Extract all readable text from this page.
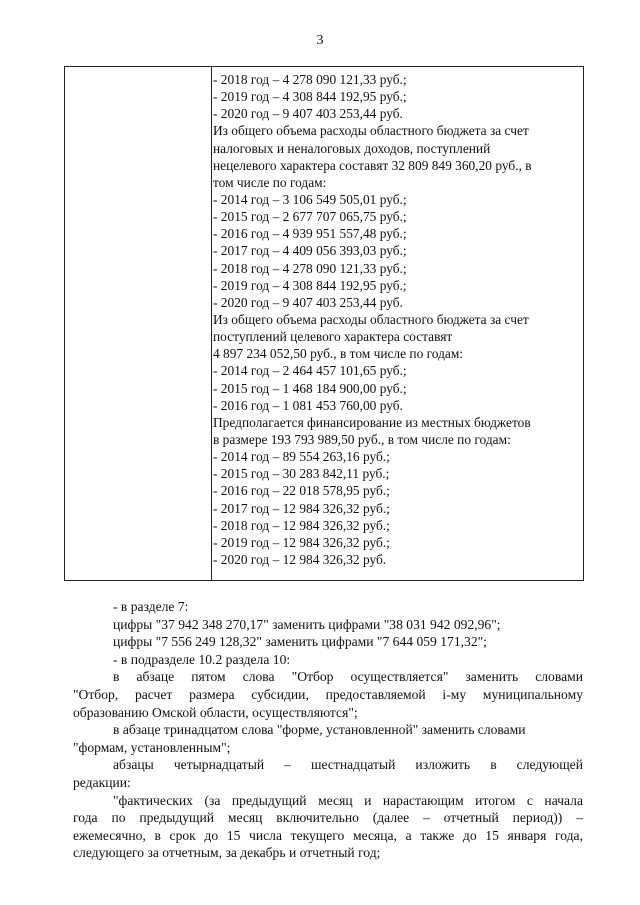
3
- 2018 год – 4 278 090 121,33 руб.;
- 2019 год – 4 308 844 192,95 руб.;
- 2020 год – 9 407 403 253,44 руб.
Из общего объема расходы областного бюджета за счет
налоговых и неналоговых доходов, поступлений
нецелевого характера составят 32 809 849 360,20 руб., в
том числе по годам:
- 2014 год – 3 106 549 505,01 руб.;
- 2015 год – 2 677 707 065,75 руб.;
- 2016 год – 4 939 951 557,48 руб.;
- 2017 год – 4 409 056 393,03 руб.;
- 2018 год – 4 278 090 121,33 руб.;
- 2019 год – 4 308 844 192,95 руб.;
- 2020 год – 9 407 403 253,44 руб.
Из общего объема расходы областного бюджета за счет
поступлений целевого характера составят
4 897 234 052,50 руб., в том числе по годам:
- 2014 год – 2 464 457 101,65 руб.;
- 2015 год – 1 468 184 900,00 руб.;
- 2016 год – 1 081 453 760,00 руб.
Предполагается финансирование из местных бюджетов
в размере 193 793 989,50 руб., в том числе по годам:
- 2014 год – 89 554 263,16 руб.;
- 2015 год – 30 283 842,11 руб.;
- 2016 год – 22 018 578,95 руб.;
- 2017 год – 12 984 326,32 руб.;
- 2018 год – 12 984 326,32 руб.;
- 2019 год – 12 984 326,32 руб.;
- 2020 год – 12 984 326,32 руб.
- в разделе 7:
цифры "37 942 348 270,17" заменить цифрами "38 031 942 092,96";
цифры "7 556 249 128,32" заменить цифрами "7 644 059 171,32";
- в подразделе 10.2 раздела 10:
в абзаце пятом слова "Отбор осуществляется" заменить словами
"Отбор, расчет размера субсидии, предоставляемой i-му муниципальному
образованию Омской области, осуществляются";
в абзаце тринадцатом слова "форме, установленной" заменить словами
"формам, установленным";
абзацы четырнадцатый – шестнадцатый изложить в следующей
редакции:
"фактических (за предыдущий месяц и нарастающим итогом с начала
года по предыдущий месяц включительно (далее – отчетный период)) –
ежемесячно, в срок до 15 числа текущего месяца, а также до 15 января года,
следующего за отчетным, за декабрь и отчетный год;
